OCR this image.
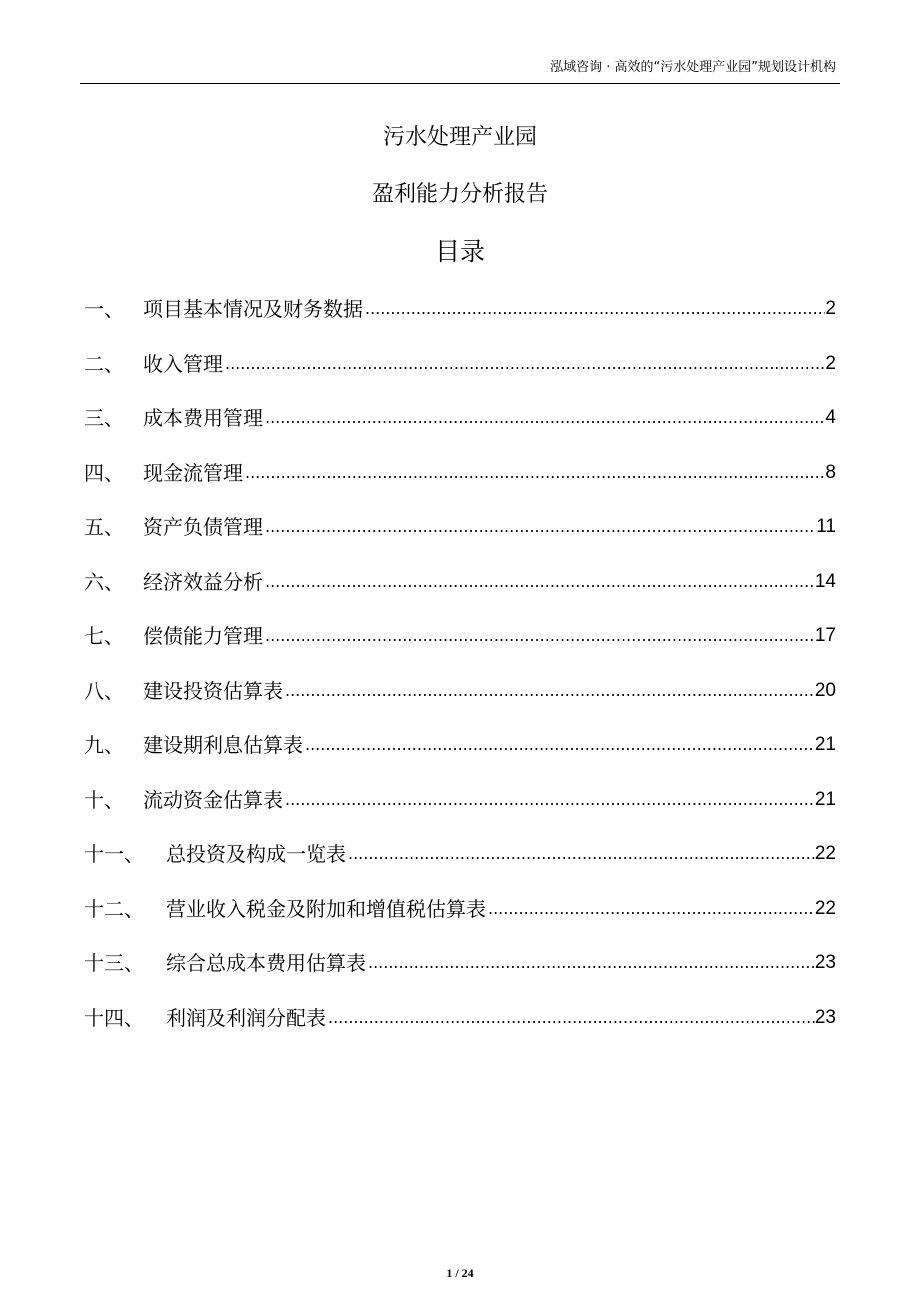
泓域咨询 · 高效的“污水处理产业园”规划设计机构
污水处理产业园
盈利能力分析报告
目录
一、 项目基本情况及财务数据 .....	2
二、 收入管理 .....	2
三、 成本费用管理 .....	4
四、 现金流管理 .....	8
五、 资产负债管理 .....	11
六、 经济效益分析 .....	14
七、 偿债能力管理 .....	17
八、 建设投资估算表 .....	20
九、 建设期利息估算表 .....	21
十、 流动资金估算表 .....	21
十一、	总投资及构成一览表 .....	22
十二、	营业收入税金及附加和增值税估算表 .....	22
十三、	综合总成本费用估算表 .....	23
十四、	利润及利润分配表 .....	23
1 / 24
